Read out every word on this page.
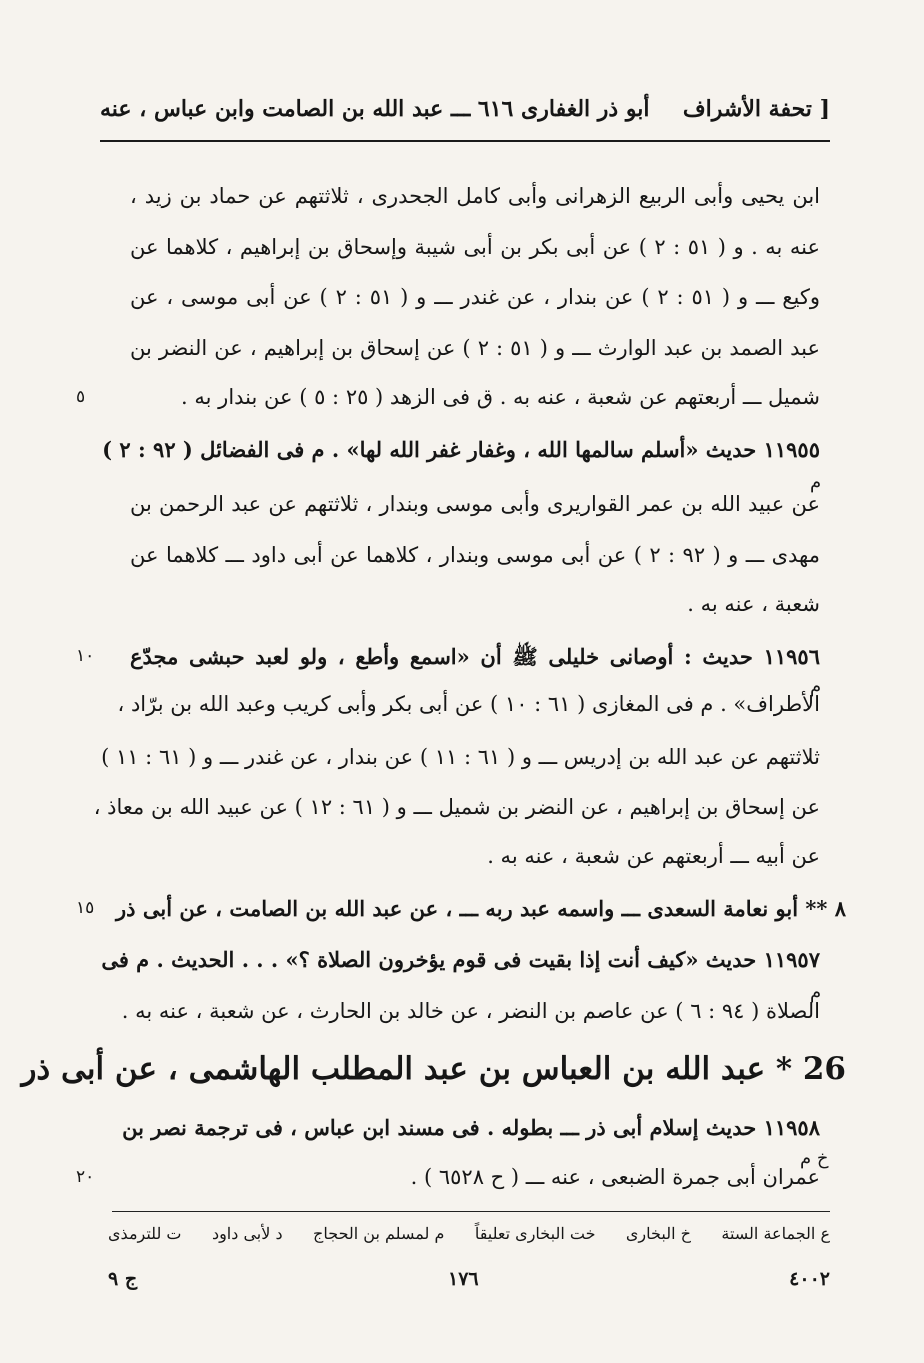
أبو ذر الغفارى ٦١٦ ـــ عبد الله بن الصامت وابن عباس ، عنه [ تحفة الأشراف
ابن يحيى وأبى الربيع الزهرانى وأبى كامل الجحدرى ، ثلاثتهم عن حماد بن زيد ،
عنه به . و ( ٥١ : ٢ ) عن أبى بكر بن أبى شيبة وإسحاق بن إبراهيم ، كلاهما عن
وكيع ـــ و ( ٥١ : ٢ ) عن بندار ، عن غندر ـــ و ( ٥١ : ٢ ) عن أبى موسى ، عن
عبد الصمد بن عبد الوارث ـــ و ( ٥١ : ٢ ) عن إسحاق بن إبراهيم ، عن النضر بن
شميل ـــ أربعتهم عن شعبة ، عنه به . ق فى الزهد ( ٢٥ : ٥ ) عن بندار به .
١١٩٥٥ حديث «أسلم سالمها الله ، وغفار غفر الله لها» . م فى الفضائل ( ٩٢ : ٢ )
عن عبيد الله بن عمر القواريرى وأبى موسى وبندار ، ثلاثتهم عن عبد الرحمن بن
مهدى ـــ و ( ٩٢ : ٢ ) عن أبى موسى وبندار ، كلاهما عن أبى داود ـــ كلاهما عن
شعبة ، عنه به .
١١٩٥٦ حديث : أوصانى خليلى ﷺ أن «اسمع وأطع ، ولو لعبد حبشى مجدّع
الأطراف» . م فى المغازى ( ٦١ : ١٠ ) عن أبى بكر وأبى كريب وعبد الله بن برّاد ،
ثلاثتهم عن عبد الله بن إدريس ـــ و ( ٦١ : ١١ ) عن بندار ، عن غندر ـــ و ( ٦١ : ١١ )
عن إسحاق بن إبراهيم ، عن النضر بن شميل ـــ و ( ٦١ : ١٢ ) عن عبيد الله بن معاذ ،
عن أبيه ـــ أربعتهم عن شعبة ، عنه به .
٨ ** أبو نعامة السعدى ـــ واسمه عبد ربه ـــ ، عن عبد الله بن الصامت ، عن أبى ذر
١١٩٥٧ حديث «كيف أنت إذا بقيت فى قوم يؤخرون الصلاة ؟» . . . الحديث . م فى
الصلاة ( ٩٤ : ٦ ) عن عاصم بن النضر ، عن خالد بن الحارث ، عن شعبة ، عنه به .
26 * عبد الله بن العباس بن عبد المطلب الهاشمى ، عن أبى ذر
١١٩٥٨ حديث إسلام أبى ذر ـــ بطوله . فى مسند ابن عباس ، فى ترجمة نصر بن
عمران أبى جمرة الضبعى ، عنه ـــ ( ح ٦٥٢٨ ) .
م
م
م
خ م
٥
١٠
١٥
٢٠
ع الجماعة الستة
خ البخارى
خت البخارى تعليقاً
م لمسلم بن الحجاج
د لأبى داود
ت للترمذى
٤٠٠٢
١٧٦
ج ٩
